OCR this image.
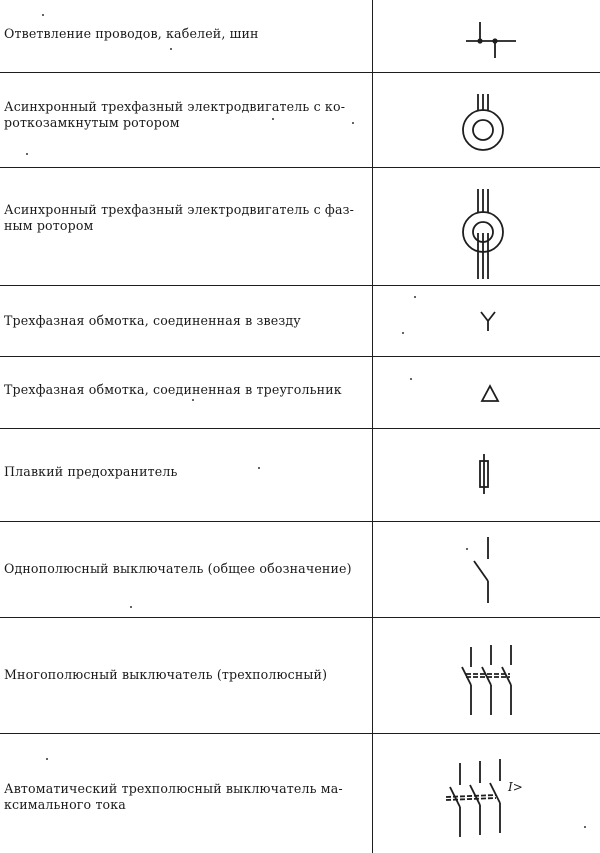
Ответвление проводов, кабелей, шин
Асинхронный трехфазный электродвигатель с ко-
роткозамкнутым ротором
Асинхронный трехфазный электродвигатель с фаз-
ным ротором
Трехфазная обмотка, соединенная в звезду
Трехфазная обмотка, соединенная в треугольник
Плавкий предохранитель
Однополюсный выключатель (общее обозначение)
Многополюсный выключатель (трехполюсный)
Автоматический трехполюсный выключатель ма-
ксимального тока
I>
